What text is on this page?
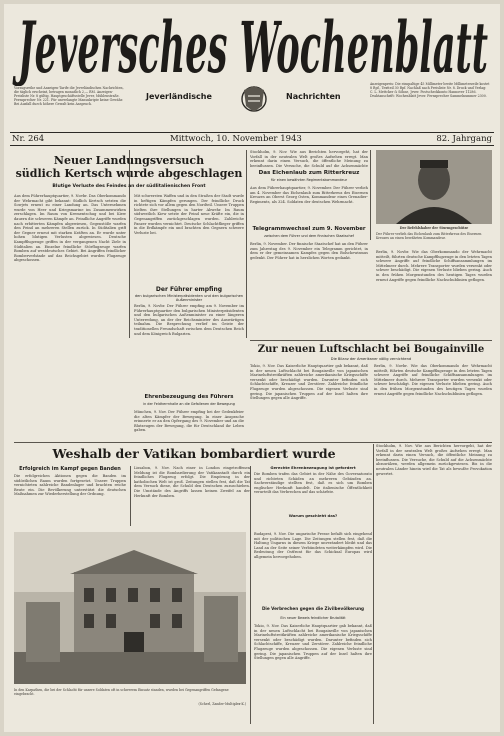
Jeversches Wochenblatt
Vorzugsreihe und Anzeigen-Tarife die Jeverländischen Nachrichten, die täglich erscheint, betragen monatlich 2,— RM. Anzeigen-Preisliste Nr. 8 gültig. Hauptgeschäftsstelle Jever, Mühlenstraße. Fernsprecher Nr. 221. Für unverlangte Manuskripte keine Gewähr. Bei Ausfall durch höhere Gewalt kein Anspruch.
Jeverländische	Nachrichten
Anzeigenpreis: Die einspaltige 45 Millimeter breite Millimeterzeile kostet 8 Rpf., Textteil 30 Rpf. Nachlaß nach Preisliste Nr. 8. Druck und Verlag: C. L. Mettcker & Söhne, Jever. Postscheckkonto Hannover 11286. Drahtanschrift: Wochenblatt Jever. Fernsprecher Sammelnummer 2300.
Nr. 264	Mittwoch, 10. November 1943	82. Jahrgang
Neuer Landungsversuch
südlich Kertsch wurde abgeschlagen
Blutige Verluste des Feindes an der südlitalienischen Front
Aus dem Führerhauptquartier, 9. Novbr. Das Oberkommando der Wehrmacht gibt bekannt: Südlich Kertsch setzten die Sowjets erneut zu einer Landung an. Das Unternehmen wurde von Heer und Kriegsmarine im Zusammenwirken zerschlagen. Im Raum von Krementschug und bei Kiew dauern die schweren Kämpfe an. Feindliche Angriffe wurden nach erbitterten Kämpfen abgewiesen, Gegenstöße warfen den Feind an mehreren Stellen zurück. In Süditalien griff der Gegner erneut mit starken Kräften an. Er wurde unter hohen blutigen Verlusten abgewiesen. Deutsche Kampfflugzeuge griffen in der vergangenen Nacht Ziele in Süditalien an. Einzelne feindliche Störflugzeuge warfen Bomben auf westdeutsches Gebiet. Bei Angriffen feindlicher Bomberverbände auf das Reichsgebiet wurden Flugzeuge abgeschossen.
Mit schwersten Waffen und in den Straßen der Stadt wurde in heftigen Kämpfen gerungen. Der feindliche Druck richtete sich vor allem gegen den Nordteil. Unsere Truppen hielten ihre Stellungen in harter Abwehr. Im Raum südwestlich Kiew setzte der Feind neue Kräfte ein, die in Gegenangriffen zurückgeschlagen wurden. Zahlreiche Panzer wurden vernichtet. Deutsche Schlachtflieger griffen in die Erdkämpfe ein und brachten den Gegnern schwere Verluste bei.
Der Führer empfing
den bulgarischen Ministerpräsidenten und den bulgarischen Außenminister
Berlin, 9. Novbr. Der Führer empfing am 9. November im Führerhauptquartier den bulgarischen Ministerpräsidenten und den bulgarischen Außenminister zu einer längeren Unterredung, an der der Reichsminister des Auswärtigen teilnahm. Die Besprechung verlief im Geiste der traditionellen Freundschaft zwischen dem Deutschen Reich und dem Königreich Bulgarien.
Ehrenbezeugung des Führers
in der Feldherrnhalle an die Gefallenen der Bewegung
München, 9. Nov. Der Führer empfing bei der Gedenkfeier die alten Kämpfer der Bewegung. In einer Ansprache erinnerte er an den Opfergang des 9. November und an die Blutzeugen der Bewegung, die für Deutschland ihr Leben gaben.
Stockholm, 9. Nov. Wie aus Berichten hervorgeht, hat der Vorfall in der neutralen Welt großes Aufsehen erregt. Man erkennt darin einen Versuch, die öffentliche Meinung zu beeinflussen. Die Versuche, die Schuld auf die Achsenmächte
Das Eichenlaub zum Ritterkreuz
für einen bewährten Regimentskommandeur
Aus dem Führerhauptquartier, 9. November. Der Führer verlieh am 4. November das Eichenlaub zum Ritterkreuz des Eisernen Kreuzes an Oberst Georg Osten, Kommandeur eines Grenadier-Regiments, als 324. Soldaten der deutschen Wehrmacht.
Telegrammwechsel zum 9. November
zwischen dem Führer und dem finnischen Staatschef
Berlin, 9. November. Der finnische Staatschef hat an den Führer zum Jahrestag des 9. November ein Telegramm gerichtet, in dem er der gemeinsamen Kampfes gegen den Bolschewismus gedenkt. Der Führer hat in herzlichen Worten gedankt.
Der Befehlshaber der Sturmgeschütze
Der Führer verlieh das Eichenlaub zum Ritterkreuz des Eisernen Kreuzes an einen bewährten Kommandeur.
Berlin, 9. Novbr. Wie das Oberkommando der Wehrmacht mitteilt, führten deutsche Kampfflugzeuge in den letzten Tagen schwere Angriffe auf feindliche Schiffsansammlungen im Mittelmeer durch. Mehrere Transporter wurden versenkt oder schwer beschädigt. Die eigenen Verluste blieben gering. Auch in den frühen Morgenstunden des heutigen Tages wurden erneut Angriffe gegen feindliche Nachschublinien geflogen.
Zur neuen Luftschlacht bei Bougainville
Die Bilanz der Amerikaner völlig vernichtend
Tokio, 9. Nov. Das Kaiserliche Hauptquartier gab bekannt, daß in der neuen Luftschlacht bei Bougainville von japanischen Marineluftstreitkräften zahlreiche amerikanische Kriegsschiffe versenkt oder beschädigt wurden. Darunter befinden sich Schlachtschiffe, Kreuzer und Zerstörer. Zahlreiche feindliche Flugzeuge wurden abgeschossen. Die eigenen Verluste sind gering. Die japanischen Truppen auf der Insel halten ihre Stellungen gegen alle Angriffe.
Berlin, 9. Novbr. Wie das Oberkommando der Wehrmacht mitteilt, führten deutsche Kampfflugzeuge in den letzten Tagen schwere Angriffe auf feindliche Schiffsansammlungen im Mittelmeer durch. Mehrere Transporter wurden versenkt oder schwer beschädigt. Die eigenen Verluste blieben gering. Auch in den frühen Morgenstunden des heutigen Tages wurden erneut Angriffe gegen feindliche Nachschublinien geflogen.
Weshalb der Vatikan bombardiert wurde
Erfolgreich im Kampf gegen Banden
Die erfolgreichen Aktionen gegen die Banden im südöstlichen Raum wurden fortgesetzt. Unsere Truppen vernichteten zahlreiche Bandenlager und brachten reiche Beute ein. Die Bevölkerung unterstützt die deutschen Maßnahmen zur Wiederherstellung der Ordnung.
Lissabon, 9. Nov. Nach einer in London eingetroffenen Meldung ist die Bombardierung der Vatikanstadt durch ein feindliches Flugzeug erfolgt. Die Empörung in der katholischen Welt ist groß. Zeitungen stellen fest, daß die Tat dem Versuch diene, die Schuld den Deutschen zuzuschieben. Die Umstände des Angriffs lassen keinen Zweifel an der Herkunft der Bomben.
Gerechte Ehrenbezeugung ist gefordert
Die Bomben trafen das Gebiet in der Nähe des Governatorato und richteten Schäden an mehreren Gebäuden an. Sachverständige stellten fest, daß es sich um Bomben englischer Herkunft handelt. Die italienische Öffentlichkeit verurteilt das Verbrechen auf das schärfste.
Warum geschieht das?
Stockholm, 9. Nov. Wie aus Berichten hervorgeht, hat der Vorfall in der neutralen Welt großes Aufsehen erregt. Man erkennt darin einen Versuch, die öffentliche Meinung zu beeinflussen. Die Versuche, die Schuld auf die Achsenmächte abzuwälzen, werden allgemein zurückgewiesen. Bis in die neutralen Länder hinein wird die Tat als bewußte Provokation gewertet.
In den Karpathen, die bei der Schlacht für unsere Soldaten oft in schwerem Einsatz standen, wurden bei Gegenangriffen Gefangene eingebracht.
(Scherl, Zander-Multiplex-K.)
Budapest, 9. Nov. Die ungarische Presse befaßt sich eingehend mit der politischen Lage. Die Zeitungen stellen fest, daß die Haltung Ungarns in diesem Kriege unverändert bleibt und das Land an der Seite seiner Verbündeten weiterkämpfen wird. Die Bedeutung der Ostfront für das Schicksal Europas wird allgemein hervorgehoben.
Die Verbrechen gegen die Zivilbevölkerung
Ein neuer Beweis feindlicher Brutalität
Tokio, 9. Nov. Das Kaiserliche Hauptquartier gab bekannt, daß in der neuen Luftschlacht bei Bougainville von japanischen Marineluftstreitkräften zahlreiche amerikanische Kriegsschiffe versenkt oder beschädigt wurden. Darunter befinden sich Schlachtschiffe, Kreuzer und Zerstörer. Zahlreiche feindliche Flugzeuge wurden abgeschossen. Die eigenen Verluste sind gering. Die japanischen Truppen auf der Insel halten ihre Stellungen gegen alle Angriffe.
